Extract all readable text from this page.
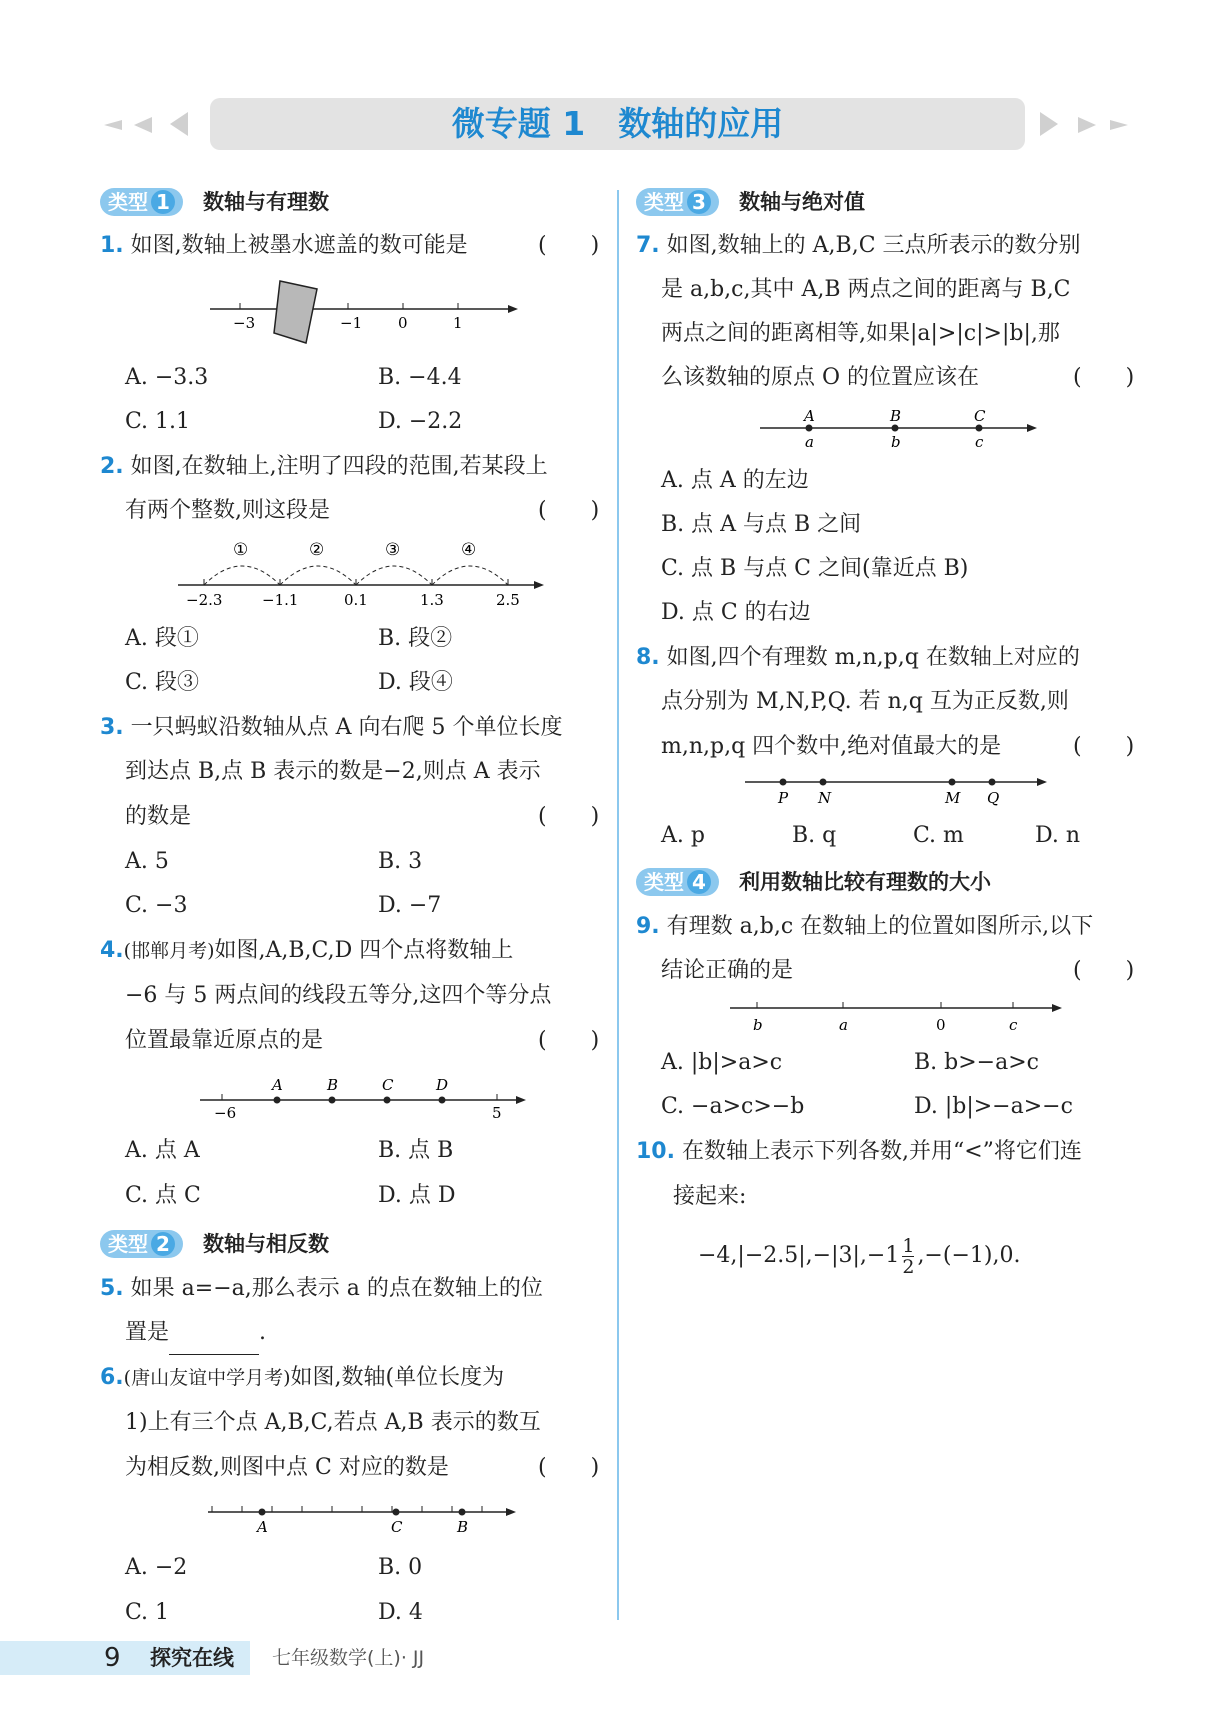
微专题 1　数轴的应用
类型 1 数轴与有理数
1. 如图,数轴上被墨水遮盖的数可能是	(　　)
−3	−1 0	1
A. −3.3	B. −4.4
C. 1.1	D. −2.2
2. 如图,在数轴上,注明了四段的范围,若某段上
有两个整数,则这段是	(　　)
①	②	③	④
−2.3	−1.1	0.1	1.3	2.5
A. 段①	B. 段②
C. 段③	D. 段④
3. 一只蚂蚁沿数轴从点 A 向右爬 5 个单位长度
到达点 B,点 B 表示的数是−2,则点 A 表示
的数是	(　　)
A. 5	B. 3
C. −3	D. −7
4.(邯郸月考)如图,A,B,C,D 四个点将数轴上
−6 与 5 两点间的线段五等分,这四个等分点
位置最靠近原点的是	(　　)
A	B	C	D
−6	5
A. 点 A	B. 点 B
C. 点 C	D. 点 D
类型 2 数轴与相反数
5. 如果 a=−a,那么表示 a 的点在数轴上的位
置是	.
6.(唐山友谊中学月考)如图,数轴(单位长度为
1)上有三个点 A,B,C,若点 A,B 表示的数互
为相反数,则图中点 C 对应的数是	(　　)
A	C	B
A. −2	B. 0
C. 1	D. 4
类型 3 数轴与绝对值
7. 如图,数轴上的 A,B,C 三点所表示的数分别
是 a,b,c,其中 A,B 两点之间的距离与 B,C
两点之间的距离相等,如果|a|>|c|>|b|,那
么该数轴的原点 O 的位置应该在	(　　)
A	B	C
a	b	c
A. 点 A 的左边
B. 点 A 与点 B 之间
C. 点 B 与点 C 之间(靠近点 B)
D. 点 C 的右边
8. 如图,四个有理数 m,n,p,q 在数轴上对应的
点分别为 M,N,P,Q. 若 n,q 互为正反数,则
m,n,p,q 四个数中,绝对值最大的是	(　　)
P N	M Q
A. p	B. q	C. m	D. n
类型 4 利用数轴比较有理数的大小
9. 有理数 a,b,c 在数轴上的位置如图所示,以下
结论正确的是	(　　)
b	a	0	c
A. |b|>a>c	B. b>−a>c
C. −a>c>−b	D. |b|>−a>−c
10. 在数轴上表示下列各数,并用“<”将它们连
接起来:
$-4,|-2.5|,-|3|,-1 \frac{1}{2} ,-(-1),0$.
9 探究在线 七年级数学(上)· JJ
